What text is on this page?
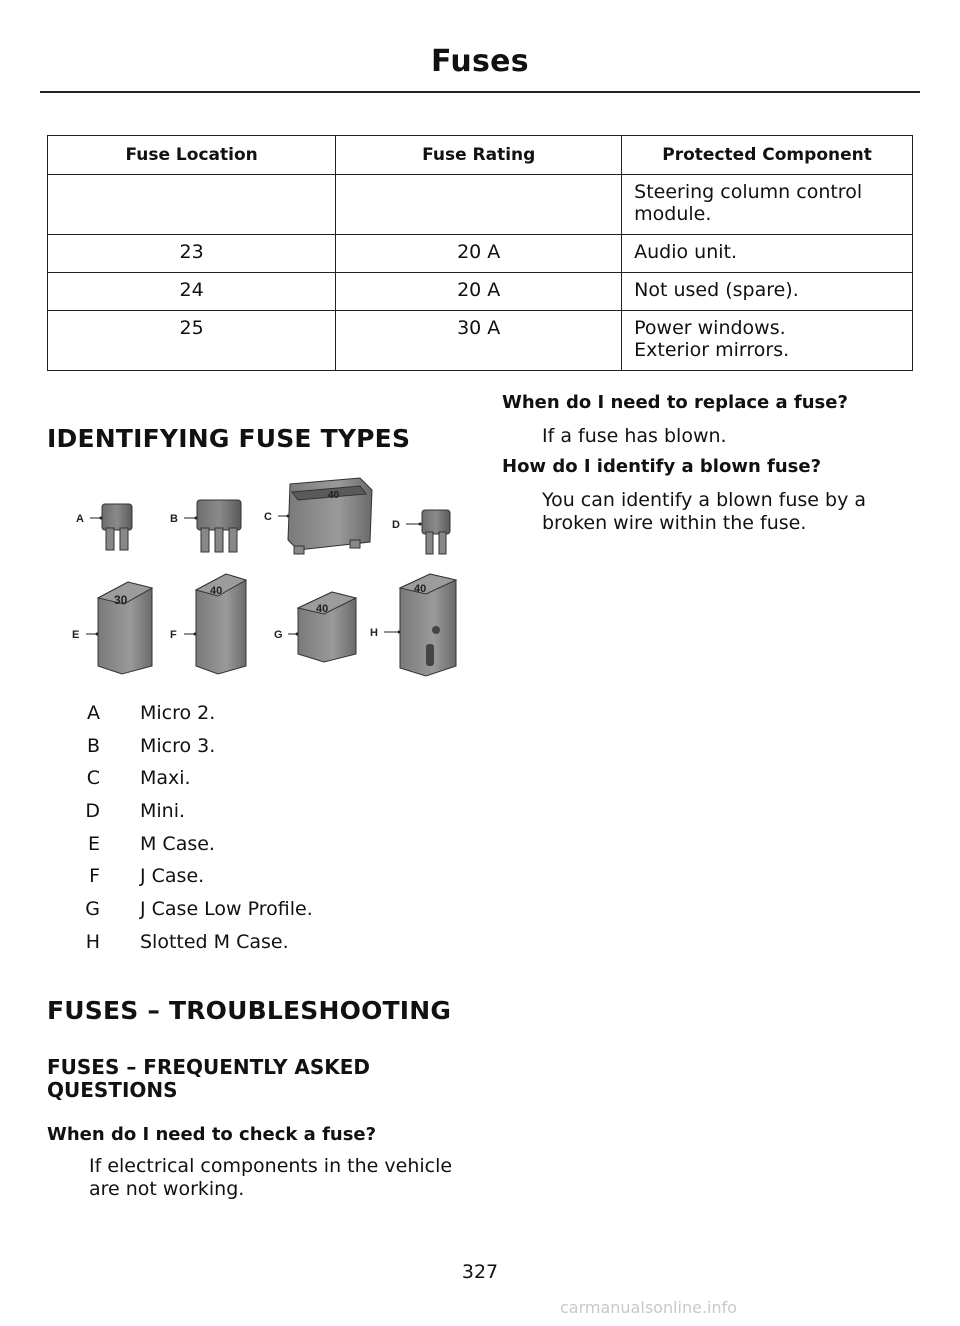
Fuses
Fuse Location	Fuse Rating	Protected Component

		Steering column control
module.

23	20 A	Audio unit.

24	20 A	Not used (spare).

25	30 A	Power windows.
Exterior mirrors.
IDENTIFYING FUSE TYPES
40
30
40
40
40
A	B	C
D
E	F	G	H
A Micro 2.
B Micro 3.
C Maxi.
D Mini.
E M Case.
F J Case.
G J Case Low Profile.
H Slotted M Case.
FUSES – TROUBLESHOOTING
FUSES – FREQUENTLY ASKED
QUESTIONS
When do I need to check a fuse?
If electrical components in the vehicle
are not working.
When do I need to replace a fuse?
If a fuse has blown.
How do I identify a blown fuse?
You can identify a blown fuse by a
broken wire within the fuse.
327
carmanualsonline.info
